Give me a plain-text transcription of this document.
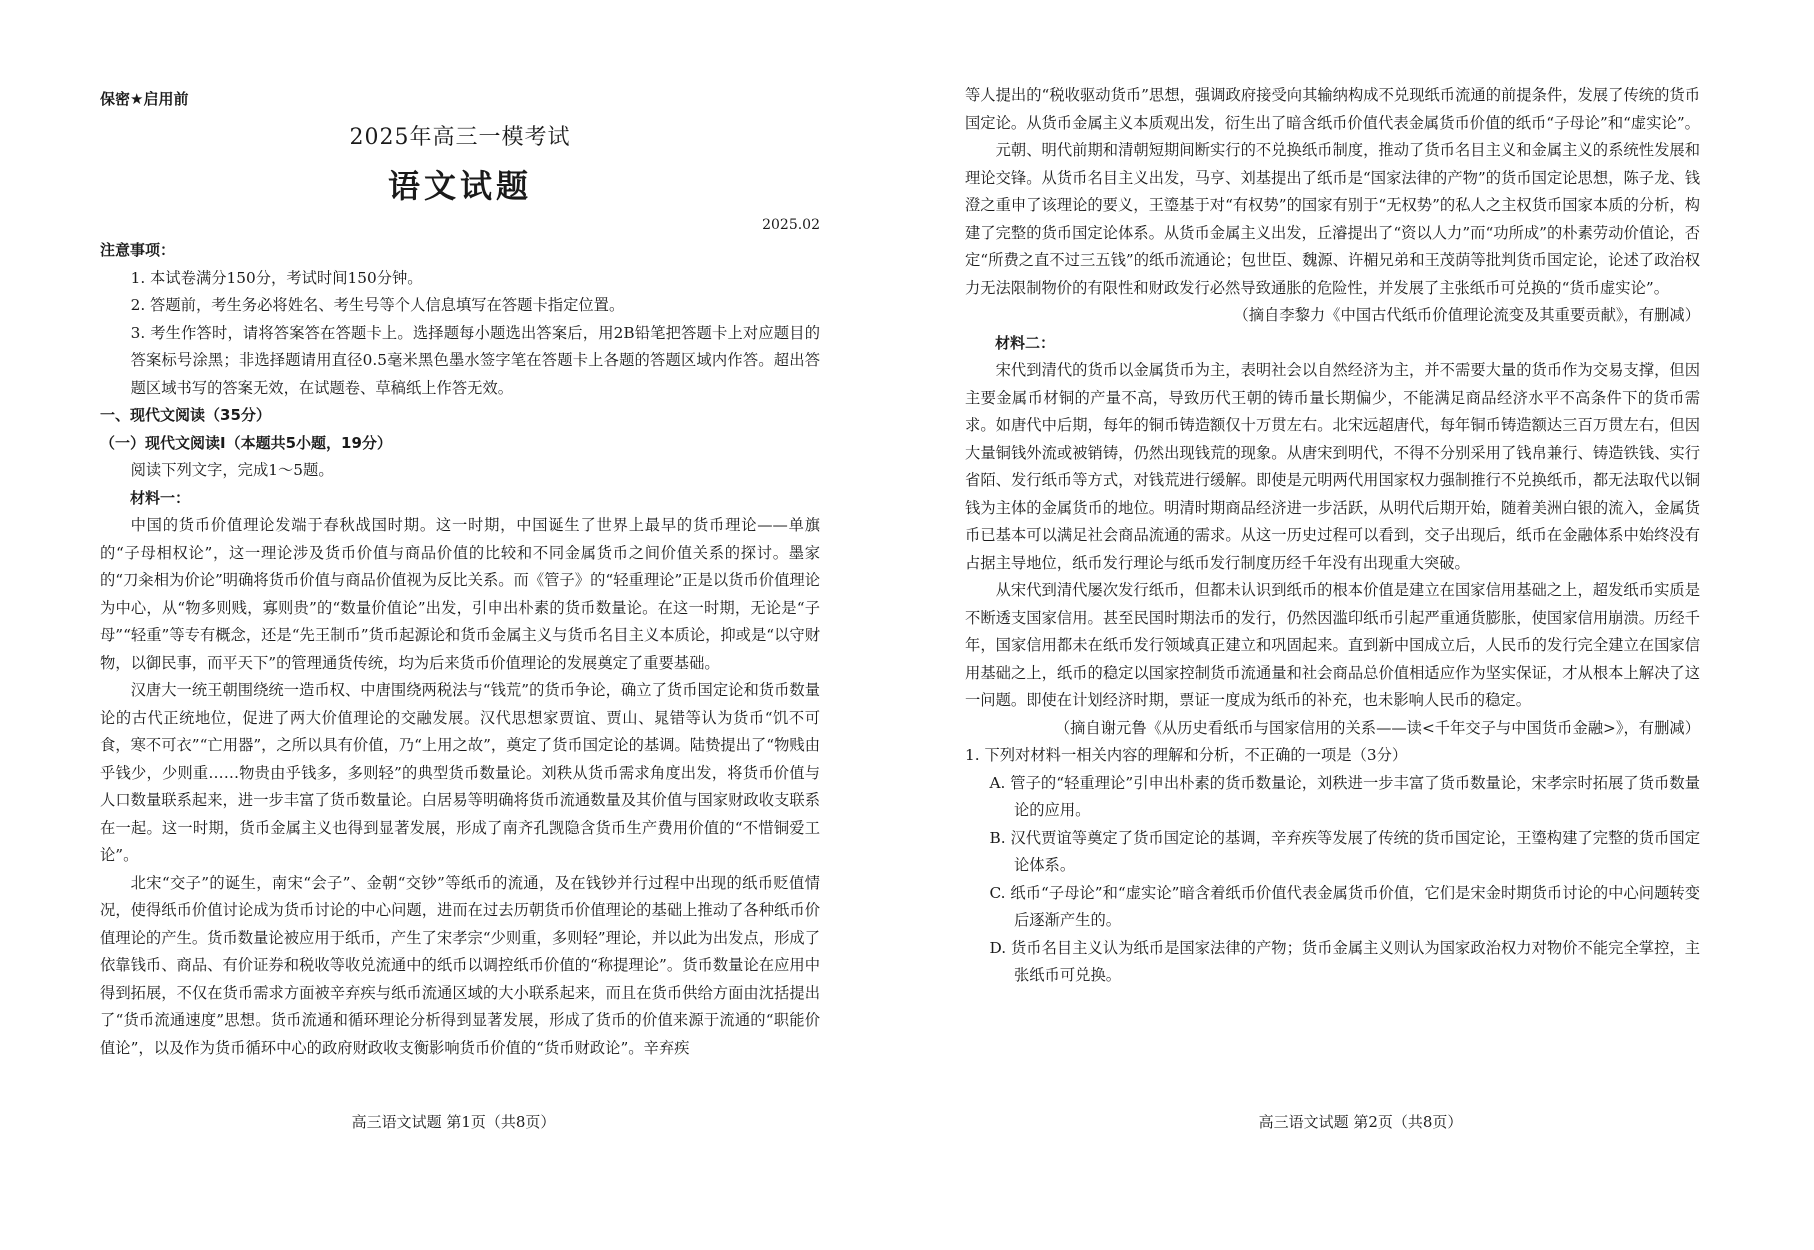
保密★启用前
2025年高三一模考试
语文试题
2025.02

注意事项：

1. 本试卷满分150分，考试时间150分钟。

2. 答题前，考生务必将姓名、考生号等个人信息填写在答题卡指定位置。

3. 考生作答时，请将答案答在答题卡上。选择题每小题选出答案后，用2B铅笔把答题卡上对应题目的答案标号涂黑；非选择题请用直径0.5毫米黑色墨水签字笔在答题卡上各题的答题区域内作答。超出答题区域书写的答案无效，在试题卷、草稿纸上作答无效。

一、现代文阅读（35分）

（一）现代文阅读Ⅰ（本题共5小题，19分）

阅读下列文字，完成1～5题。

材料一：

中国的货币价值理论发端于春秋战国时期。这一时期，中国诞生了世界上最早的货币理论——单旗的“子母相权论”，这一理论涉及货币价值与商品价值的比较和不同金属货币之间价值关系的探讨。墨家的“刀籴相为价论”明确将货币价值与商品价值视为反比关系。而《管子》的“轻重理论”正是以货币价值理论为中心，从“物多则贱，寡则贵”的“数量价值论”出发，引申出朴素的货币数量论。在这一时期，无论是“子母”“轻重”等专有概念，还是“先王制币”货币起源论和货币金属主义与货币名目主义本质论，抑或是“以守财物，以御民事，而平天下”的管理通货传统，均为后来货币价值理论的发展奠定了重要基础。

汉唐大一统王朝围绕统一造币权、中唐围绕两税法与“钱荒”的货币争论，确立了货币国定论和货币数量论的古代正统地位，促进了两大价值理论的交融发展。汉代思想家贾谊、贾山、晁错等认为货币“饥不可食，寒不可衣”“亡用器”，之所以具有价值，乃“上用之故”，奠定了货币国定论的基调。陆贽提出了“物贱由乎钱少，少则重……物贵由乎钱多，多则轻”的典型货币数量论。刘秩从货币需求角度出发，将货币价值与人口数量联系起来，进一步丰富了货币数量论。白居易等明确将货币流通数量及其价值与国家财政收支联系在一起。这一时期，货币金属主义也得到显著发展，形成了南齐孔觊隐含货币生产费用价值的“不惜铜爱工论”。

北宋“交子”的诞生，南宋“会子”、金朝“交钞”等纸币的流通，及在钱钞并行过程中出现的纸币贬值情况，使得纸币价值讨论成为货币讨论的中心问题，进而在过去历朝货币价值理论的基础上推动了各种纸币价值理论的产生。货币数量论被应用于纸币，产生了宋孝宗“少则重，多则轻”理论，并以此为出发点，形成了依靠钱币、商品、有价证券和税收等收兑流通中的纸币以调控纸币价值的“称提理论”。货币数量论在应用中得到拓展，不仅在货币需求方面被辛弃疾与纸币流通区域的大小联系起来，而且在货币供给方面由沈括提出了“货币流通速度”思想。货币流通和循环理论分析得到显著发展，形成了货币的价值来源于流通的“职能价值论”，以及作为货币循环中心的政府财政收支衡影响货币价值的“货币财政论”。辛弃疾

高三语文试题 第1页（共8页）

等人提出的“税收驱动货币”思想，强调政府接受向其输纳构成不兑现纸币流通的前提条件，发展了传统的货币国定论。从货币金属主义本质观出发，衍生出了暗含纸币价值代表金属货币价值的纸币“子母论”和“虚实论”。

元朝、明代前期和清朝短期间断实行的不兑换纸币制度，推动了货币名目主义和金属主义的系统性发展和理论交锋。从货币名目主义出发，马亨、刘基提出了纸币是“国家法律的产物”的货币国定论思想，陈子龙、钱澄之重申了该理论的要义，王瑬基于对“有权势”的国家有别于“无权势”的私人之主权货币国家本质的分析，构建了完整的货币国定论体系。从货币金属主义出发，丘濬提出了“资以人力”而“功所成”的朴素劳动价值论，否定“所费之直不过三五钱”的纸币流通论；包世臣、魏源、许楣兄弟和王茂荫等批判货币国定论，论述了政治权力无法限制物价的有限性和财政发行必然导致通胀的危险性，并发展了主张纸币可兑换的“货币虚实论”。

（摘自李黎力《中国古代纸币价值理论流变及其重要贡献》，有删减）

材料二：

宋代到清代的货币以金属货币为主，表明社会以自然经济为主，并不需要大量的货币作为交易支撑，但因主要金属币材铜的产量不高，导致历代王朝的铸币量长期偏少，不能满足商品经济水平不高条件下的货币需求。如唐代中后期，每年的铜币铸造额仅十万贯左右。北宋远超唐代，每年铜币铸造额达三百万贯左右，但因大量铜钱外流或被销铸，仍然出现钱荒的现象。从唐宋到明代，不得不分别采用了钱帛兼行、铸造铁钱、实行省陌、发行纸币等方式，对钱荒进行缓解。即使是元明两代用国家权力强制推行不兑换纸币，都无法取代以铜钱为主体的金属货币的地位。明清时期商品经济进一步活跃，从明代后期开始，随着美洲白银的流入，金属货币已基本可以满足社会商品流通的需求。从这一历史过程可以看到，交子出现后，纸币在金融体系中始终没有占据主导地位，纸币发行理论与纸币发行制度历经千年没有出现重大突破。

从宋代到清代屡次发行纸币，但都未认识到纸币的根本价值是建立在国家信用基础之上，超发纸币实质是不断透支国家信用。甚至民国时期法币的发行，仍然因滥印纸币引起严重通货膨胀，使国家信用崩溃。历经千年，国家信用都未在纸币发行领域真正建立和巩固起来。直到新中国成立后，人民币的发行完全建立在国家信用基础之上，纸币的稳定以国家控制货币流通量和社会商品总价值相适应作为坚实保证，才从根本上解决了这一问题。即使在计划经济时期，票证一度成为纸币的补充，也未影响人民币的稳定。

（摘自谢元鲁《从历史看纸币与国家信用的关系——读<千年交子与中国货币金融>》，有删减）

1. 下列对材料一相关内容的理解和分析，不正确的一项是（3分）

A. 管子的“轻重理论”引申出朴素的货币数量论，刘秩进一步丰富了货币数量论，宋孝宗时拓展了货币数量论的应用。

B. 汉代贾谊等奠定了货币国定论的基调，辛弃疾等发展了传统的货币国定论，王瑬构建了完整的货币国定论体系。

C. 纸币“子母论”和“虚实论”暗含着纸币价值代表金属货币价值，它们是宋金时期货币讨论的中心问题转变后逐渐产生的。

D. 货币名目主义认为纸币是国家法律的产物；货币金属主义则认为国家政治权力对物价不能完全掌控，主张纸币可兑换。

高三语文试题 第2页（共8页）
